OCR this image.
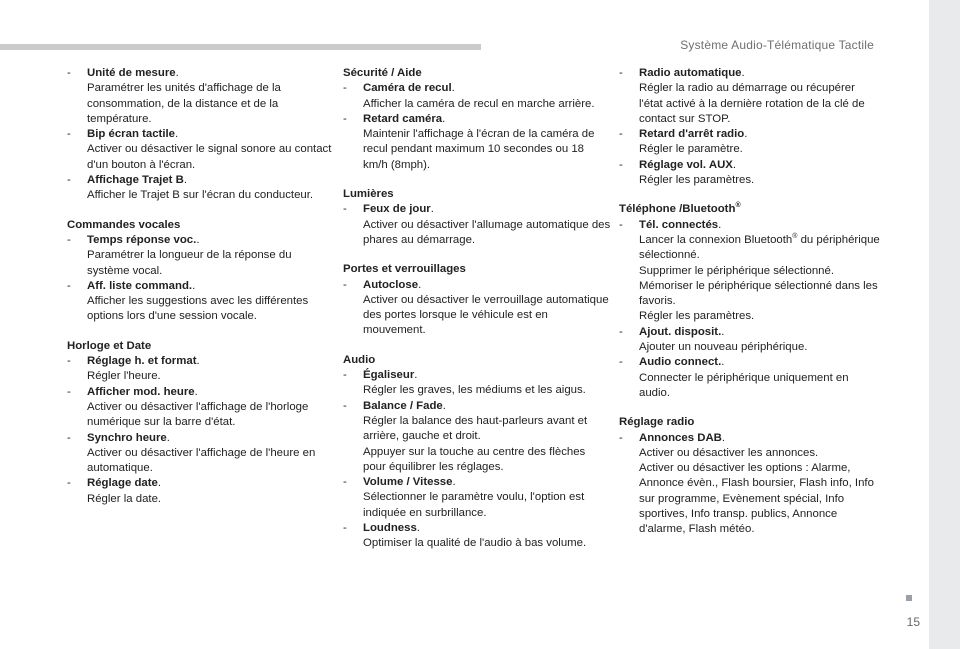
Système Audio-Télématique Tactile
- Unité de mesure.
Paramétrer les unités d'affichage de la consommation, de la distance et de la température.
- Bip écran tactile.
Activer ou désactiver le signal sonore au contact d'un bouton à l'écran.
- Affichage Trajet B.
Afficher le Trajet B sur l'écran du conducteur.

Commandes vocales

- Temps réponse voc..
Paramétrer la longueur de la réponse du système vocal.
- Aff. liste command..
Afficher les suggestions avec les différentes options lors d'une session vocale.

Horloge et Date

- Réglage h. et format.
Régler l'heure.
- Afficher mod. heure.
Activer ou désactiver l'affichage de l'horloge numérique sur la barre d'état.
- Synchro heure.
Activer ou désactiver l'affichage de l'heure en automatique.
- Réglage date.
Régler la date.

Sécurité / Aide

- Caméra de recul.
Afficher la caméra de recul en marche arrière.
- Retard caméra.
Maintenir l'affichage à l'écran de la caméra de recul pendant maximum 10 secondes ou 18 km/h (8mph).

Lumières

- Feux de jour.
Activer ou désactiver l'allumage automatique des phares au démarrage.

Portes et verrouillages

- Autoclose.
Activer ou désactiver le verrouillage automatique des portes lorsque le véhicule est en mouvement.

Audio

- Égaliseur.
Régler les graves, les médiums et les aigus.
- Balance / Fade.
Régler la balance des haut-parleurs avant et arrière, gauche et droit.
Appuyer sur la touche au centre des flèches pour équilibrer les réglages.
- Volume / Vitesse.
Sélectionner le paramètre voulu, l'option est indiquée en surbrillance.
- Loudness.
Optimiser la qualité de l'audio à bas volume.
- Radio automatique.
Régler la radio au démarrage ou récupérer l'état activé à la dernière rotation de la clé de contact sur STOP.
- Retard d'arrêt radio.
Régler le paramètre.
- Réglage vol. AUX.
Régler les paramètres.

Téléphone /Bluetooth®

- Tél. connectés.
Lancer la connexion Bluetooth® du périphérique sélectionné.
Supprimer le périphérique sélectionné.
Mémoriser le périphérique sélectionné dans les favoris.
Régler les paramètres.
- Ajout. disposit..
Ajouter un nouveau périphérique.
- Audio connect..
Connecter le périphérique uniquement en audio.

Réglage radio

- Annonces DAB.
Activer ou désactiver les annonces.
Activer ou désactiver les options : Alarme, Annonce évèn., Flash boursier, Flash info, Info sur programme, Evènement spécial, Info sportives, Info transp. publics, Annonce d'alarme, Flash météo.
15
